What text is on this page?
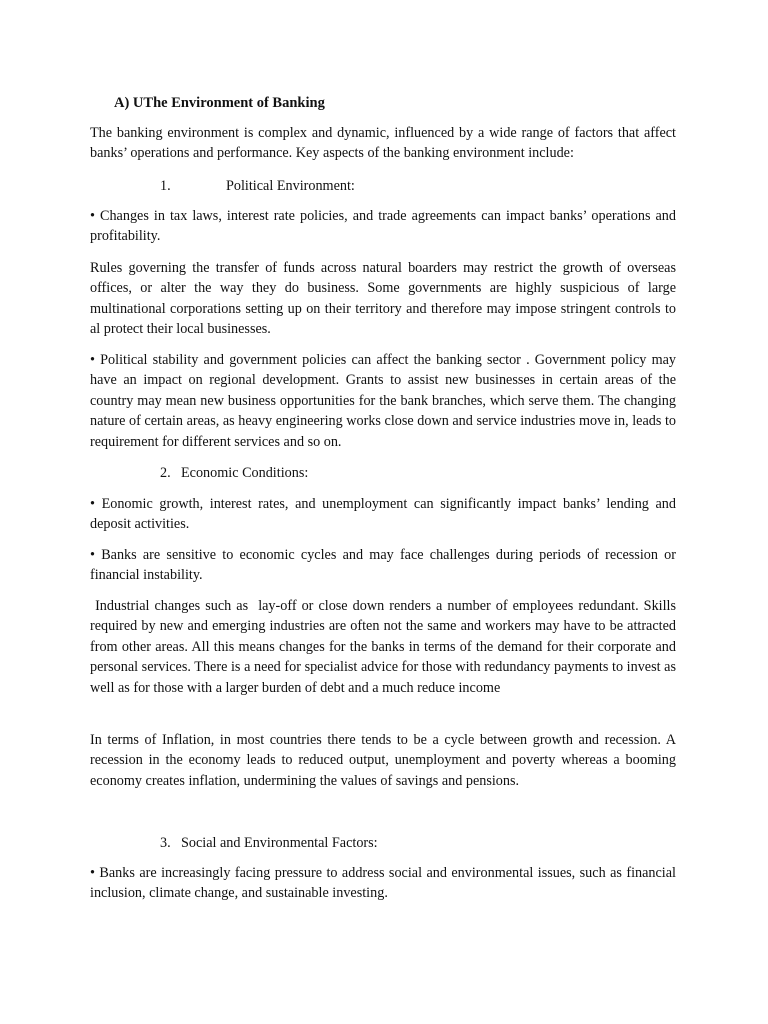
A) UThe Environment of Banking

The banking environment is complex and dynamic, influenced by a wide range of factors that affect banks’ operations and performance. Key aspects of the banking environment include:

1.	Political Environment:

• Changes in tax laws, interest rate policies, and trade agreements can impact banks’ operations and profitability.

Rules governing the transfer of funds across natural boarders may restrict the growth of overseas offices, or alter the way they do business. Some governments are highly suspicious of large multinational corporations setting up on their territory and therefore may impose stringent controls to al protect their local businesses.

• Political stability and government policies can affect the banking sector . Government policy may have an impact on regional development. Grants to assist new businesses in certain areas of the country may mean new business opportunities for the bank branches, which serve them. The changing nature of certain areas, as heavy engineering works close down and service industries move in, leads to requirement for different services and so on.

2. Economic Conditions:

• Eonomic growth, interest rates, and unemployment can significantly impact banks’ lending and deposit activities.

• Banks are sensitive to economic cycles and may face challenges during periods of recession or financial instability.

Industrial changes such as  lay-off or close down renders a number of employees redundant. Skills required by new and emerging industries are often not the same and workers may have to be attracted from other areas. All this means changes for the banks in terms of the demand for their corporate and personal services. There is a need for specialist advice for those with redundancy payments to invest as well as for those with a larger burden of debt and a much reduce income

In terms of Inflation, in most countries there tends to be a cycle between growth and recession. A recession in the economy leads to reduced output, unemployment and poverty whereas a booming economy creates inflation, undermining the values of savings and pensions.

3. Social and Environmental Factors:

• Banks are increasingly facing pressure to address social and environmental issues, such as financial inclusion, climate change, and sustainable investing.
